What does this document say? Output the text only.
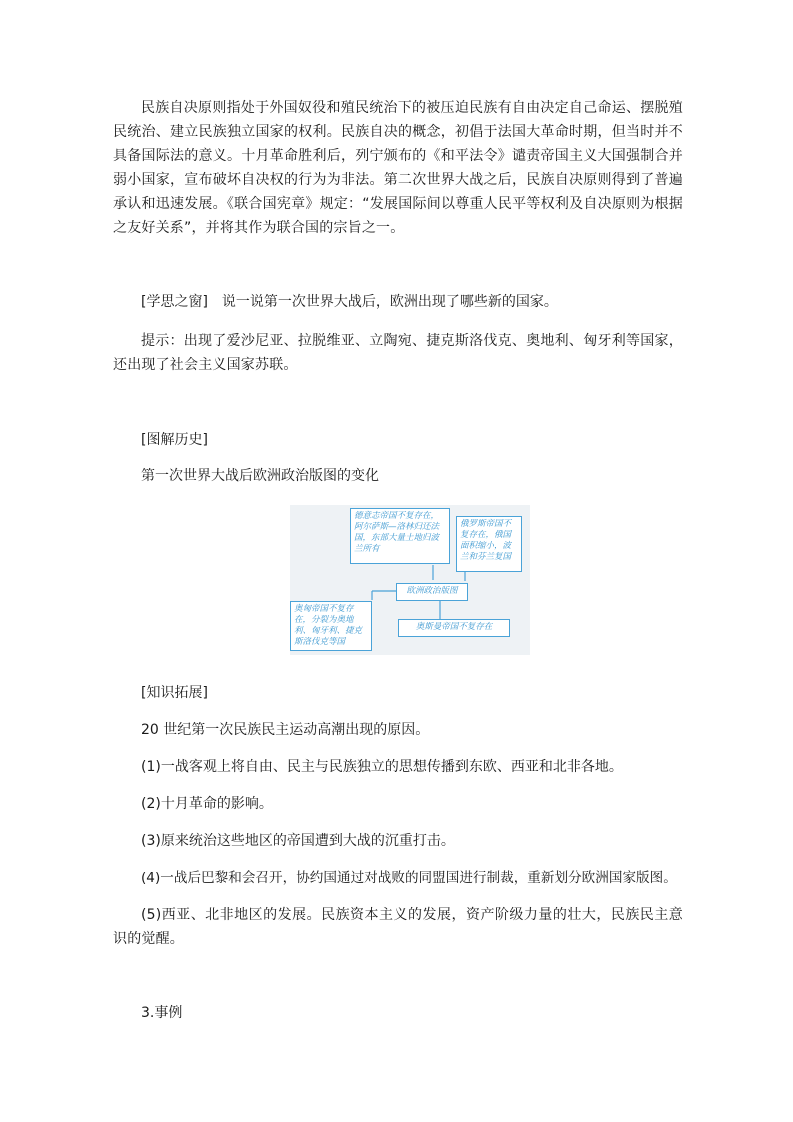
民族自决原则指处于外国奴役和殖民统治下的被压迫民族有自由决定自己命运、摆脱殖民统治、建立民族独立国家的权利。民族自决的概念，初倡于法国大革命时期，但当时并不具备国际法的意义。十月革命胜利后，列宁颁布的《和平法令》谴责帝国主义大国强制合并弱小国家，宣布破坏自决权的行为为非法。第二次世界大战之后，民族自决原则得到了普遍承认和迅速发展。《联合国宪章》规定：“发展国际间以尊重人民平等权利及自决原则为根据之友好关系”，并将其作为联合国的宗旨之一。

[学思之窗]　说一说第一次世界大战后，欧洲出现了哪些新的国家。

提示：出现了爱沙尼亚、拉脱维亚、立陶宛、捷克斯洛伐克、奥地利、匈牙利等国家，还出现了社会主义国家苏联。

[图解历史]

第一次世界大战后欧洲政治版图的变化

德意志帝国不复存在，阿尔萨斯—洛林归还法国，东部大量土地归波兰所有
俄罗斯帝国不复存在，俄国面积缩小，波兰和芬兰复国
欧洲政治版图
奥匈帝国不复存在，分裂为奥地利、匈牙利、捷克斯洛伐克等国
奥斯曼帝国不复存在

[知识拓展]

20 世纪第一次民族民主运动高潮出现的原因。

(1)一战客观上将自由、民主与民族独立的思想传播到东欧、西亚和北非各地。

(2)十月革命的影响。

(3)原来统治这些地区的帝国遭到大战的沉重打击。

(4)一战后巴黎和会召开，协约国通过对战败的同盟国进行制裁，重新划分欧洲国家版图。

(5)西亚、北非地区的发展。民族资本主义的发展，资产阶级力量的壮大，民族民主意识的觉醒。

3.事例
